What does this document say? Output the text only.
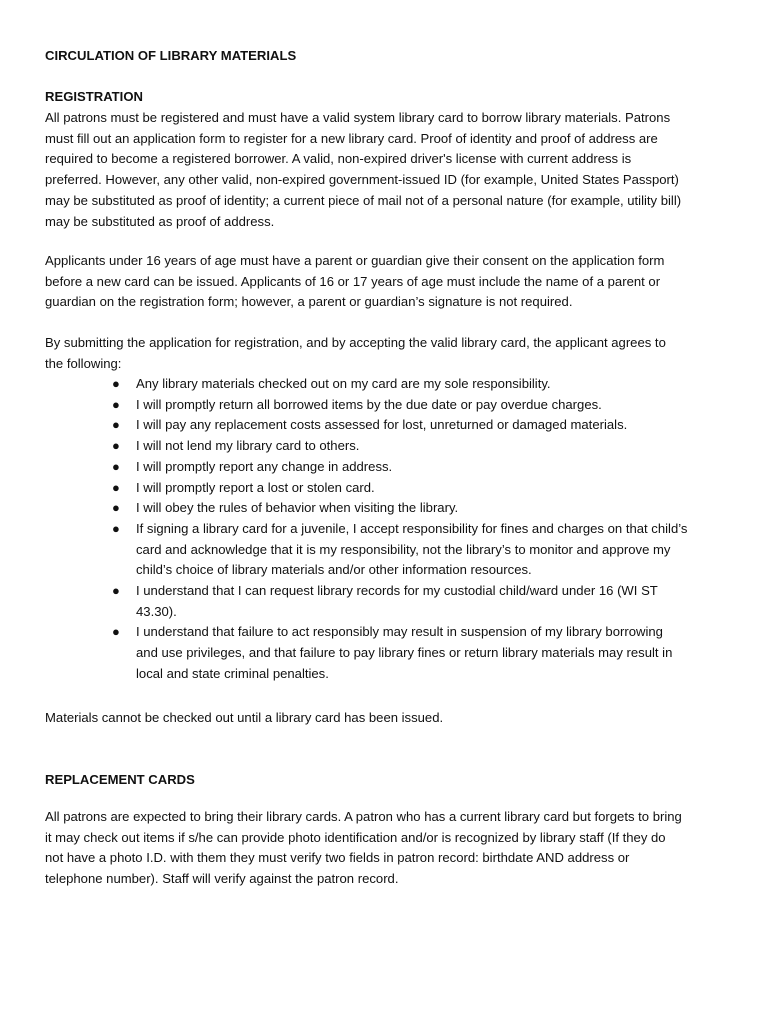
CIRCULATION OF LIBRARY MATERIALS

REGISTRATION

All patrons must be registered and must have a valid system library card to borrow library materials. Patrons must fill out an application form to register for a new library card. Proof of identity and proof of address are required to become a registered borrower. A valid, non-expired driver's license with current address is preferred. However, any other valid, non-expired government-issued ID (for example, United States Passport) may be substituted as proof of identity; a current piece of mail not of a personal nature (for example, utility bill) may be substituted as proof of address.

Applicants under 16 years of age must have a parent or guardian give their consent on the application form before a new card can be issued. Applicants of 16 or 17 years of age must include the name of a parent or guardian on the registration form; however, a parent or guardian’s signature is not required.

By submitting the application for registration, and by accepting the valid library card, the applicant agrees to the following:

● Any library materials checked out on my card are my sole responsibility.
● I will promptly return all borrowed items by the due date or pay overdue charges.
● I will pay any replacement costs assessed for lost, unreturned or damaged materials.
● I will not lend my library card to others.
● I will promptly report any change in address.
● I will promptly report a lost or stolen card.
● I will obey the rules of behavior when visiting the library.
● If signing a library card for a juvenile, I accept responsibility for fines and charges on that child’s card and acknowledge that it is my responsibility, not the library’s to monitor and approve my child’s choice of library materials and/or other information resources.
● I understand that I can request library records for my custodial child/ward under 16 (WI ST 43.30).
● I understand that failure to act responsibly may result in suspension of my library borrowing and use privileges, and that failure to pay library fines or return library materials may result in local and state criminal penalties.

Materials cannot be checked out until a library card has been issued.

REPLACEMENT CARDS

All patrons are expected to bring their library cards. A patron who has a current library card but forgets to bring it may check out items if s/he can provide photo identification and/or is recognized by library staff (If they do not have a photo I.D. with them they must verify two fields in patron record: birthdate AND address or telephone number). Staff will verify against the patron record.
